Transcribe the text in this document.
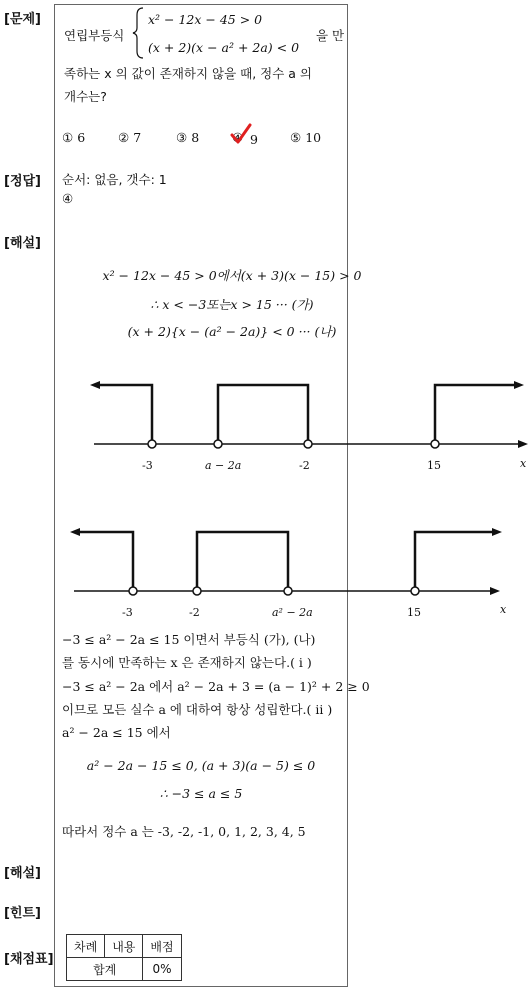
[문제]
[정답]
[해설]
[해설]
[힌트]
[채점표]
연립부등식
x² − 12x − 45 > 0
(x + 2)(x − a² + 2a) < 0
을 만
족하는 x 의 값이 존재하지 않을 때, 정수 a 의
개수는?
① 6	② 7	③ 8	④ 9	⑤ 10
순서: 없음, 갯수: 1
④
x² − 12x − 45 > 0에서(x + 3)(x − 15) > 0
∴ x < −3또는x > 15 ··· (가)
(x + 2){x − (a² − 2a)} < 0 ··· (나)
-3	a − 2a	-2	15	x
-3	-2	a² − 2a	15	x
−3 ≤ a² − 2a ≤ 15 이면서 부등식 (가), (나)
를 동시에 만족하는 x 은 존재하지 않는다.( i )
−3 ≤ a² − 2a 에서 a² − 2a + 3 = (a − 1)² + 2 ≥ 0
이므로 모든 실수 a 에 대하여 항상 성립한다.( ii )
a² − 2a ≤ 15 에서
a² − 2a − 15 ≤ 0, (a + 3)(a − 5) ≤ 0
∴ −3 ≤ a ≤ 5
따라서 정수 a 는 -3, -2, -1, 0, 1, 2, 3, 4, 5
차례	내용	배점
합계		0%
